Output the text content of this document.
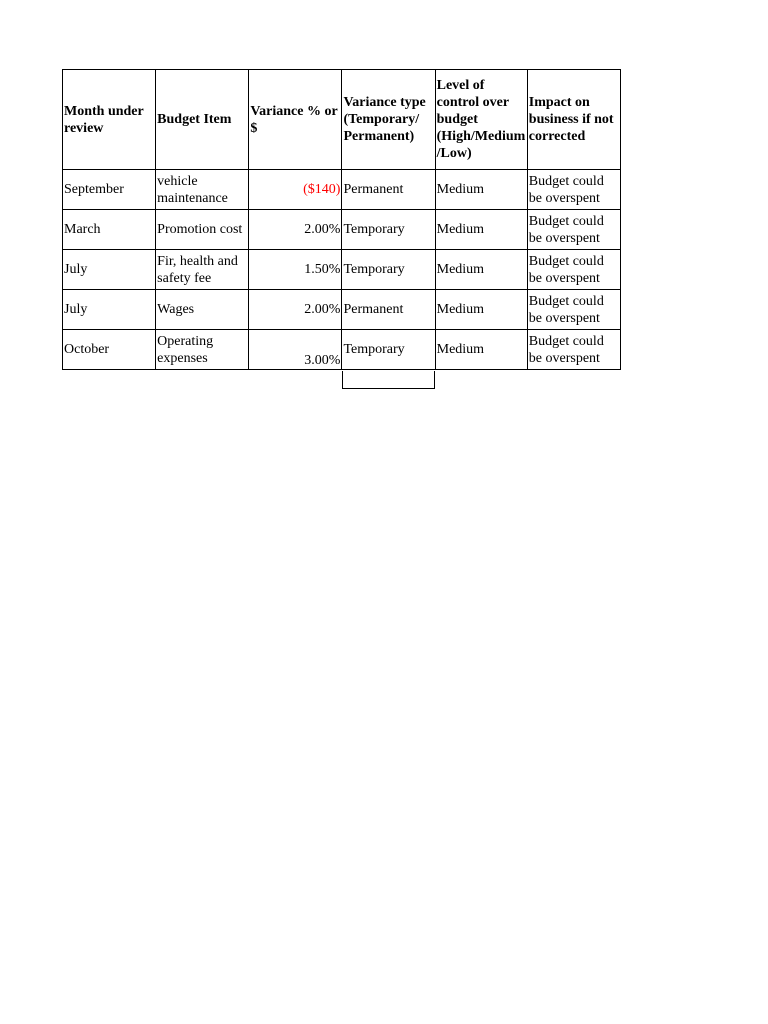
Month under review	Budget Item	Variance % or $	Variance type (Temporary/ Permanent)	Level of control over budget (High/Medium/Low)	Impact on business if not corrected
September	vehicle maintenance	($140)	Permanent	Medium	Budget could be overspent
March	Promotion cost	2.00%	Temporary	Medium	Budget could be overspent
July	Fir, health and safety fee	1.50%	Temporary	Medium	Budget could be overspent
July	Wages	2.00%	Permanent	Medium	Budget could be overspent
October	Operating expenses	3.00%	Temporary	Medium	Budget could be overspent
